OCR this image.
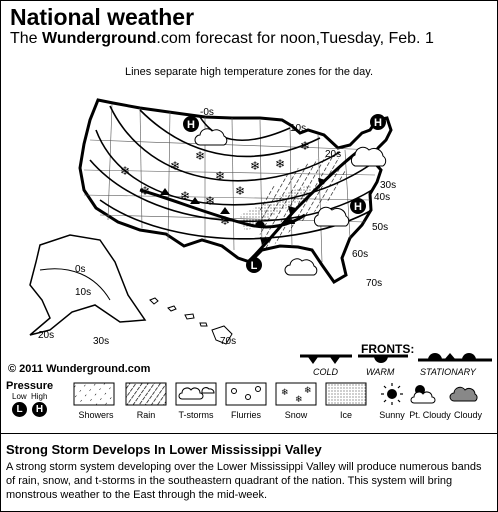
National weather
The Wunderground.com forecast for noon,Tuesday, Feb. 1
Lines separate high temperature zones for the day.
❄
❄
❄
❄ ❄
❄
❄
❄
❄
❄
❄
❄
-0s
10s
20s
30s
40s
50s
60s
70s
0s
10s
20s
30s	70s
H	H
H
L
© 2011 Wunderground.com
FRONTS:
COLD	WARM	STATIONARY
Pressure
Low High
L	H
❄
❄
❄
Showers	Rain	T-storms	Flurries	Snow	Ice	Sunny Pt. Cloudy Cloudy
Strong Storm Develops In Lower Mississippi Valley
A strong storm system developing over the Lower Mississippi Valley will produce numerous bands of rain, snow, and t-storms in the southeastern quadrant of the nation. This system will bring monstrous weather to the East through the mid-week.
